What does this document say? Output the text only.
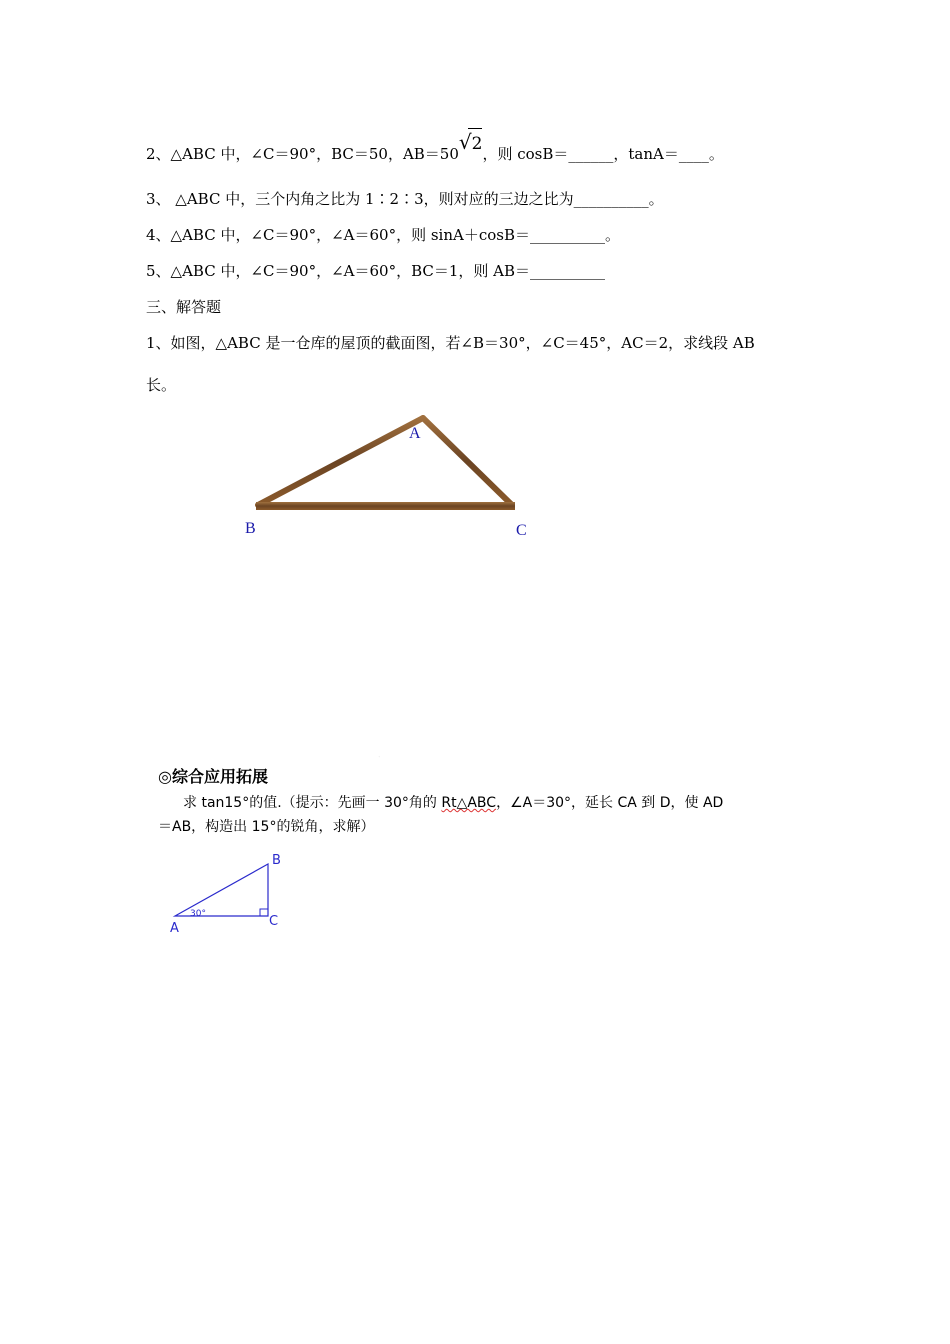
2、△ABC 中，∠C＝90°，BC＝50，AB＝50√
2，则 cosB＝______，tanA＝____。
3、 △ABC 中，三个内角之比为 1∶2∶3，则对应的三边之比为__________。
4、△ABC 中，∠C＝90°，∠A＝60°，则 sinA＋cosB＝__________。
5、△ABC 中，∠C＝90°，∠A＝60°，BC＝1，则 AB＝__________
三、解答题
1、如图，△ABC 是一仓库的屋顶的截面图，若∠B＝30°，∠C＝45°，AC＝2，求线段 AB
长。
A
B	C
·
◎综合应用拓展
求 tan15°的值.（提示：先画一 30°角的 Rt△ABC，∠A＝30°，延长 CA 到 D，使 AD
＝AB，构造出 15°的锐角，求解）
A
B
C
30°
